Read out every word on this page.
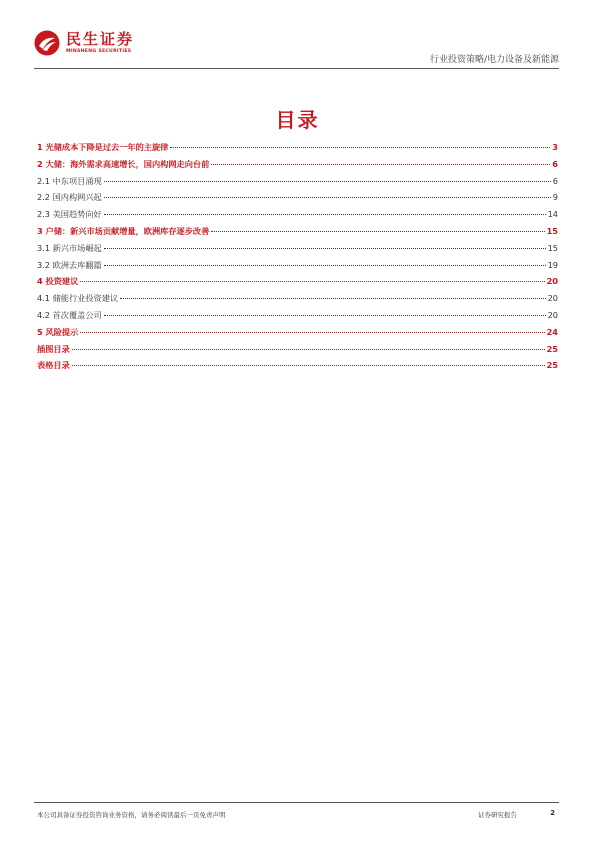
民生证券
MINSHENG SECURITIES
行业投资策略/电力设备及新能源
目录
1 光储成本下降是过去一年的主旋律	3
2 大储：海外需求高速增长，国内构网走向台前	6
2.1 中东项目涌现	6
2.2 国内构网兴起	9
2.3 美国趋势向好	14
3 户储：新兴市场贡献增量，欧洲库存逐步改善	15
3.1 新兴市场崛起	15
3.2 欧洲去库翻篇	19
4 投资建议	20
4.1 储能行业投资建议	20
4.2 首次覆盖公司	20
5 风险提示	24
插图目录	25
表格目录	25
本公司具备证券投资咨询业务资格，请务必阅读最后一页免责声明	证券研究报告	2
